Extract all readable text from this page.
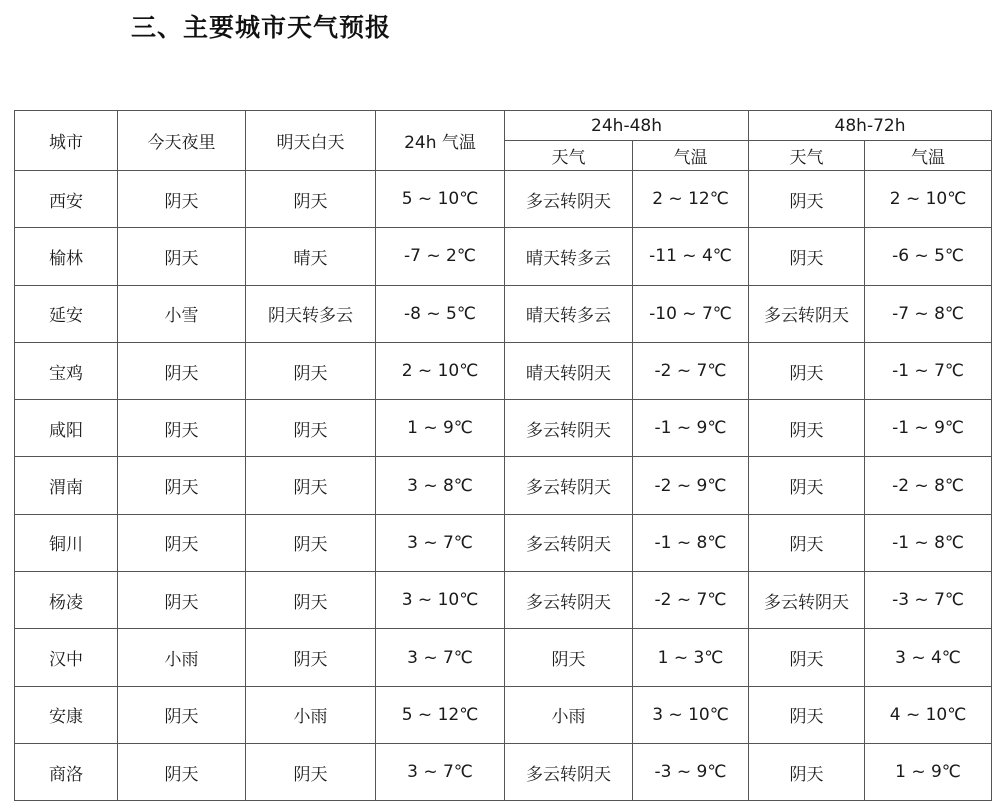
三、主要城市天气预报
城市	今天夜里	明天白天	24h 气温	24h-48h		48h-72h	
				天气	气温	天气	气温
西安	阴天	阴天	5 ~ 10℃	多云转阴天	2 ~ 12℃	阴天	2 ~ 10℃
榆林	阴天	晴天	-7 ~ 2℃	晴天转多云	-11 ~ 4℃	阴天	-6 ~ 5℃
延安	小雪	阴天转多云	-8 ~ 5℃	晴天转多云	-10 ~ 7℃	多云转阴天	-7 ~ 8℃
宝鸡	阴天	阴天	2 ~ 10℃	晴天转阴天	-2 ~ 7℃	阴天	-1 ~ 7℃
咸阳	阴天	阴天	1 ~ 9℃	多云转阴天	-1 ~ 9℃	阴天	-1 ~ 9℃
渭南	阴天	阴天	3 ~ 8℃	多云转阴天	-2 ~ 9℃	阴天	-2 ~ 8℃
铜川	阴天	阴天	3 ~ 7℃	多云转阴天	-1 ~ 8℃	阴天	-1 ~ 8℃
杨凌	阴天	阴天	3 ~ 10℃	多云转阴天	-2 ~ 7℃	多云转阴天	-3 ~ 7℃
汉中	小雨	阴天	3 ~ 7℃	阴天	1 ~ 3℃	阴天	3 ~ 4℃
安康	阴天	小雨	5 ~ 12℃	小雨	3 ~ 10℃	阴天	4 ~ 10℃
商洛	阴天	阴天	3 ~ 7℃	多云转阴天	-3 ~ 9℃	阴天	1 ~ 9℃
